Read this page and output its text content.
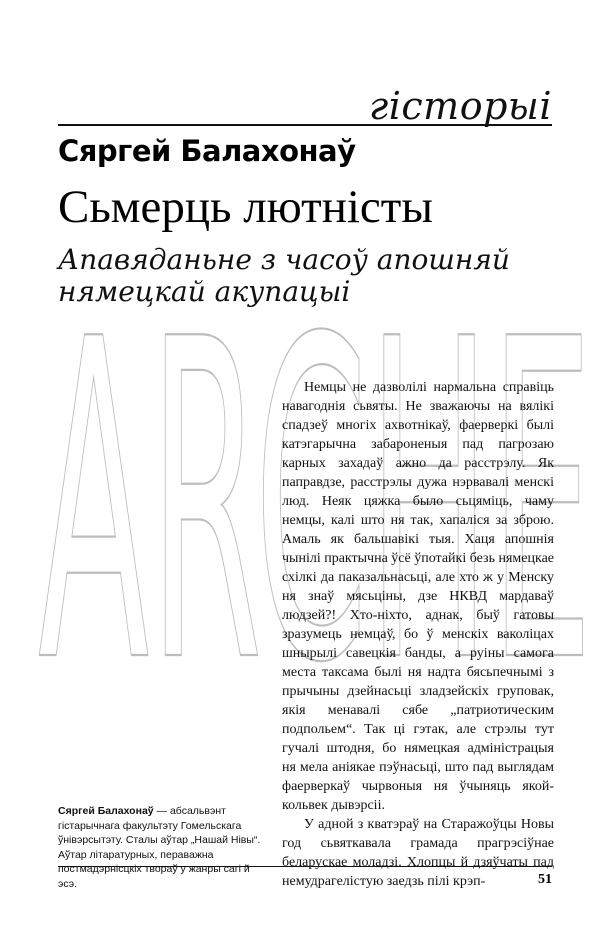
ARCHE
гісторыі
Сяргей Балахонаў
Сьмерць лютністы
Апавяданьне з часоў апошняй нямецкай акупацыі

Немцы не дазволілі нармальна справіць навагоднія сьвяты. Не зважаючы на вялікі спадзеў многіх ахвотнікаў, фаерверкі былі катэгарычна забароненыя пад пагрозаю карных захадаў ажно да расстрэлу. Як паправдзе, расстрэлы дужа нэрвавалі менскі люд. Неяк цяжка было сьцяміць, чаму немцы, калі што ня так, хапаліся за зброю. Амаль як бальшавікі тыя. Хаця апошнія чынілі практычна ўсё ўпотайкі безь нямецкае схілкі да паказальнасьці, але хто ж у Менску ня знаў мясьціны, дзе НКВД мардаваў людзей?! Хто-ніхто, аднак, быў гатовы зразумець немцаў, бо ў менскіх ваколіцах шнырылі савецкія банды, а руіны самога места таксама былі ня надта бясьпечнымі з прычыны дзейнасьці зладзейскіх груповак, якія менавалі сябе „патриотическим подпольем“. Так ці гэтак, але стрэлы тут гучалі штодня, бо нямецкая адміністрацыя ня мела аніякае пэўнасьці, што пад выглядам фаерверкаў чырвоныя ня ўчыняць якой-кольвек дывэрсіі.

У адной з кватэраў на Старажоўцы Новы год сьвяткавала грамада прагрэсіўнае беларускае моладзі. Хлопцы й дзяўчаты пад немудрагелістую заедзь пілі крэп-

Сяргей Балахонаў — абсальвэнт гістарычнага факультэту Гомельскага ўнівэрсытэту. Сталы аўтар „Нашай Нівы“. Аўтар літаратурных, пераважна постмадэрнісцкіх твораў у жанры сагі й эсэ.	51
